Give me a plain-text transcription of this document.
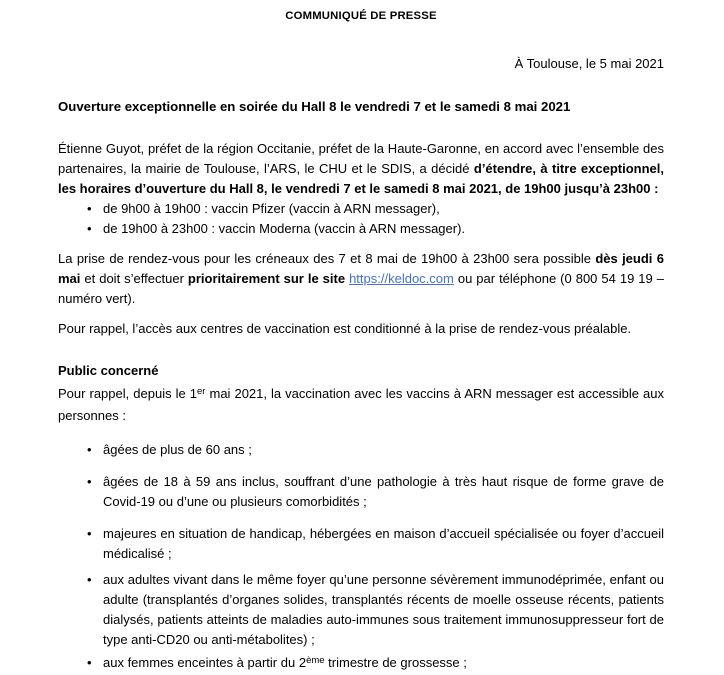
COMMUNIQUÉ DE PRESSE
À Toulouse, le 5 mai 2021
Ouverture exceptionnelle en soirée du Hall 8 le vendredi 7 et le samedi 8 mai 2021

Étienne Guyot, préfet de la région Occitanie, préfet de la Haute-Garonne, en accord avec l’ensemble des partenaires, la mairie de Toulouse, l’ARS, le CHU et le SDIS, a décidé d’étendre, à titre exceptionnel, les horaires d’ouverture du Hall 8, le vendredi 7 et le samedi 8 mai 2021, de 19h00 jusqu’à 23h00 :

• de 9h00 à 19h00 : vaccin Pfizer (vaccin à ARN messager),
• de 19h00 à 23h00 : vaccin Moderna (vaccin à ARN messager).

La prise de rendez-vous pour les créneaux des 7 et 8 mai de 19h00 à 23h00 sera possible dès jeudi 6 mai et doit s’effectuer prioritairement sur le site https://keldoc.com ou par téléphone (0 800 54 19 19 – numéro vert).

Pour rappel, l’accès aux centres de vaccination est conditionné à la prise de rendez-vous préalable.

Public concerné

Pour rappel, depuis le 1er mai 2021, la vaccination avec les vaccins à ARN messager est accessible aux personnes :

• âgées de plus de 60 ans ;
• âgées de 18 à 59 ans inclus, souffrant d’une pathologie à très haut risque de forme grave de Covid-19 ou d’une ou plusieurs comorbidités ;
• majeures en situation de handicap, hébergées en maison d’accueil spécialisée ou foyer d’accueil médicalisé ;
• aux adultes vivant dans le même foyer qu’une personne sévèrement immunodéprimée, enfant ou adulte (transplantés d’organes solides, transplantés récents de moelle osseuse récents, patients dialysés, patients atteints de maladies auto-immunes sous traitement immunosuppresseur fort de type anti-CD20 ou anti-métabolites) ;
• aux femmes enceintes à partir du 2ème trimestre de grossesse ;
